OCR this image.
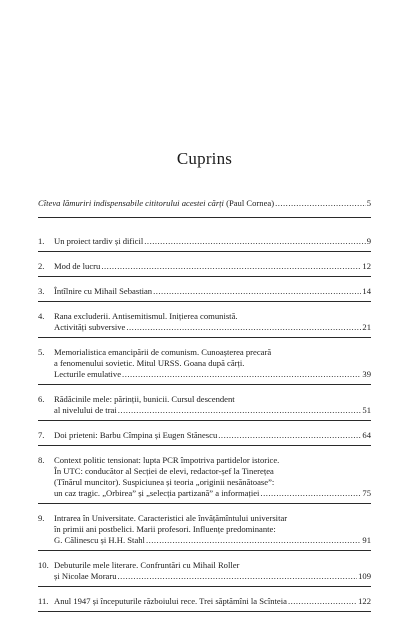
Cuprins
Cîteva lămuriri indispensabile cititorului acestei cărți (Paul Cornea) .....	5
1. Un proiect tardiv și dificil .....	9
2. Mod de lucru .....	12
3. Întîlnire cu Mihail Sebastian .....	14
4. Rana excluderii. Antisemitismul. Inițierea comunistă.
Activități subversive .....	21
5. Memorialistica emancipării de comunism. Cunoașterea precară
a fenomenului sovietic. Mitul URSS. Goana după cărți.
Lecturile emulative .....	39
6. Rădăcinile mele: părinții, bunicii. Cursul descendent
al nivelului de trai .....	51
7. Doi prieteni: Barbu Cîmpina și Eugen Stănescu .....	64
8. Context politic tensionat: lupta PCR împotriva partidelor istorice.
În UTC: conducător al Secției de elevi, redactor-șef la Tinerețea
(Tînărul muncitor). Suspiciunea și teoria „originii nesănătoase”:
un caz tragic. „Orbirea” și „selecția partizană” a informației .....	75
9. Intrarea în Universitate. Caracteristici ale învățămîntului universitar
în primii ani postbelici. Marii profesori. Influențe predominante:
G. Călinescu și H.H. Stahl .....	91
10. Debuturile mele literare. Confruntări cu Mihail Roller
și Nicolae Moraru .....	109
11. Anul 1947 și începuturile războiului rece. Trei săptămîni la Scînteia .....	122
